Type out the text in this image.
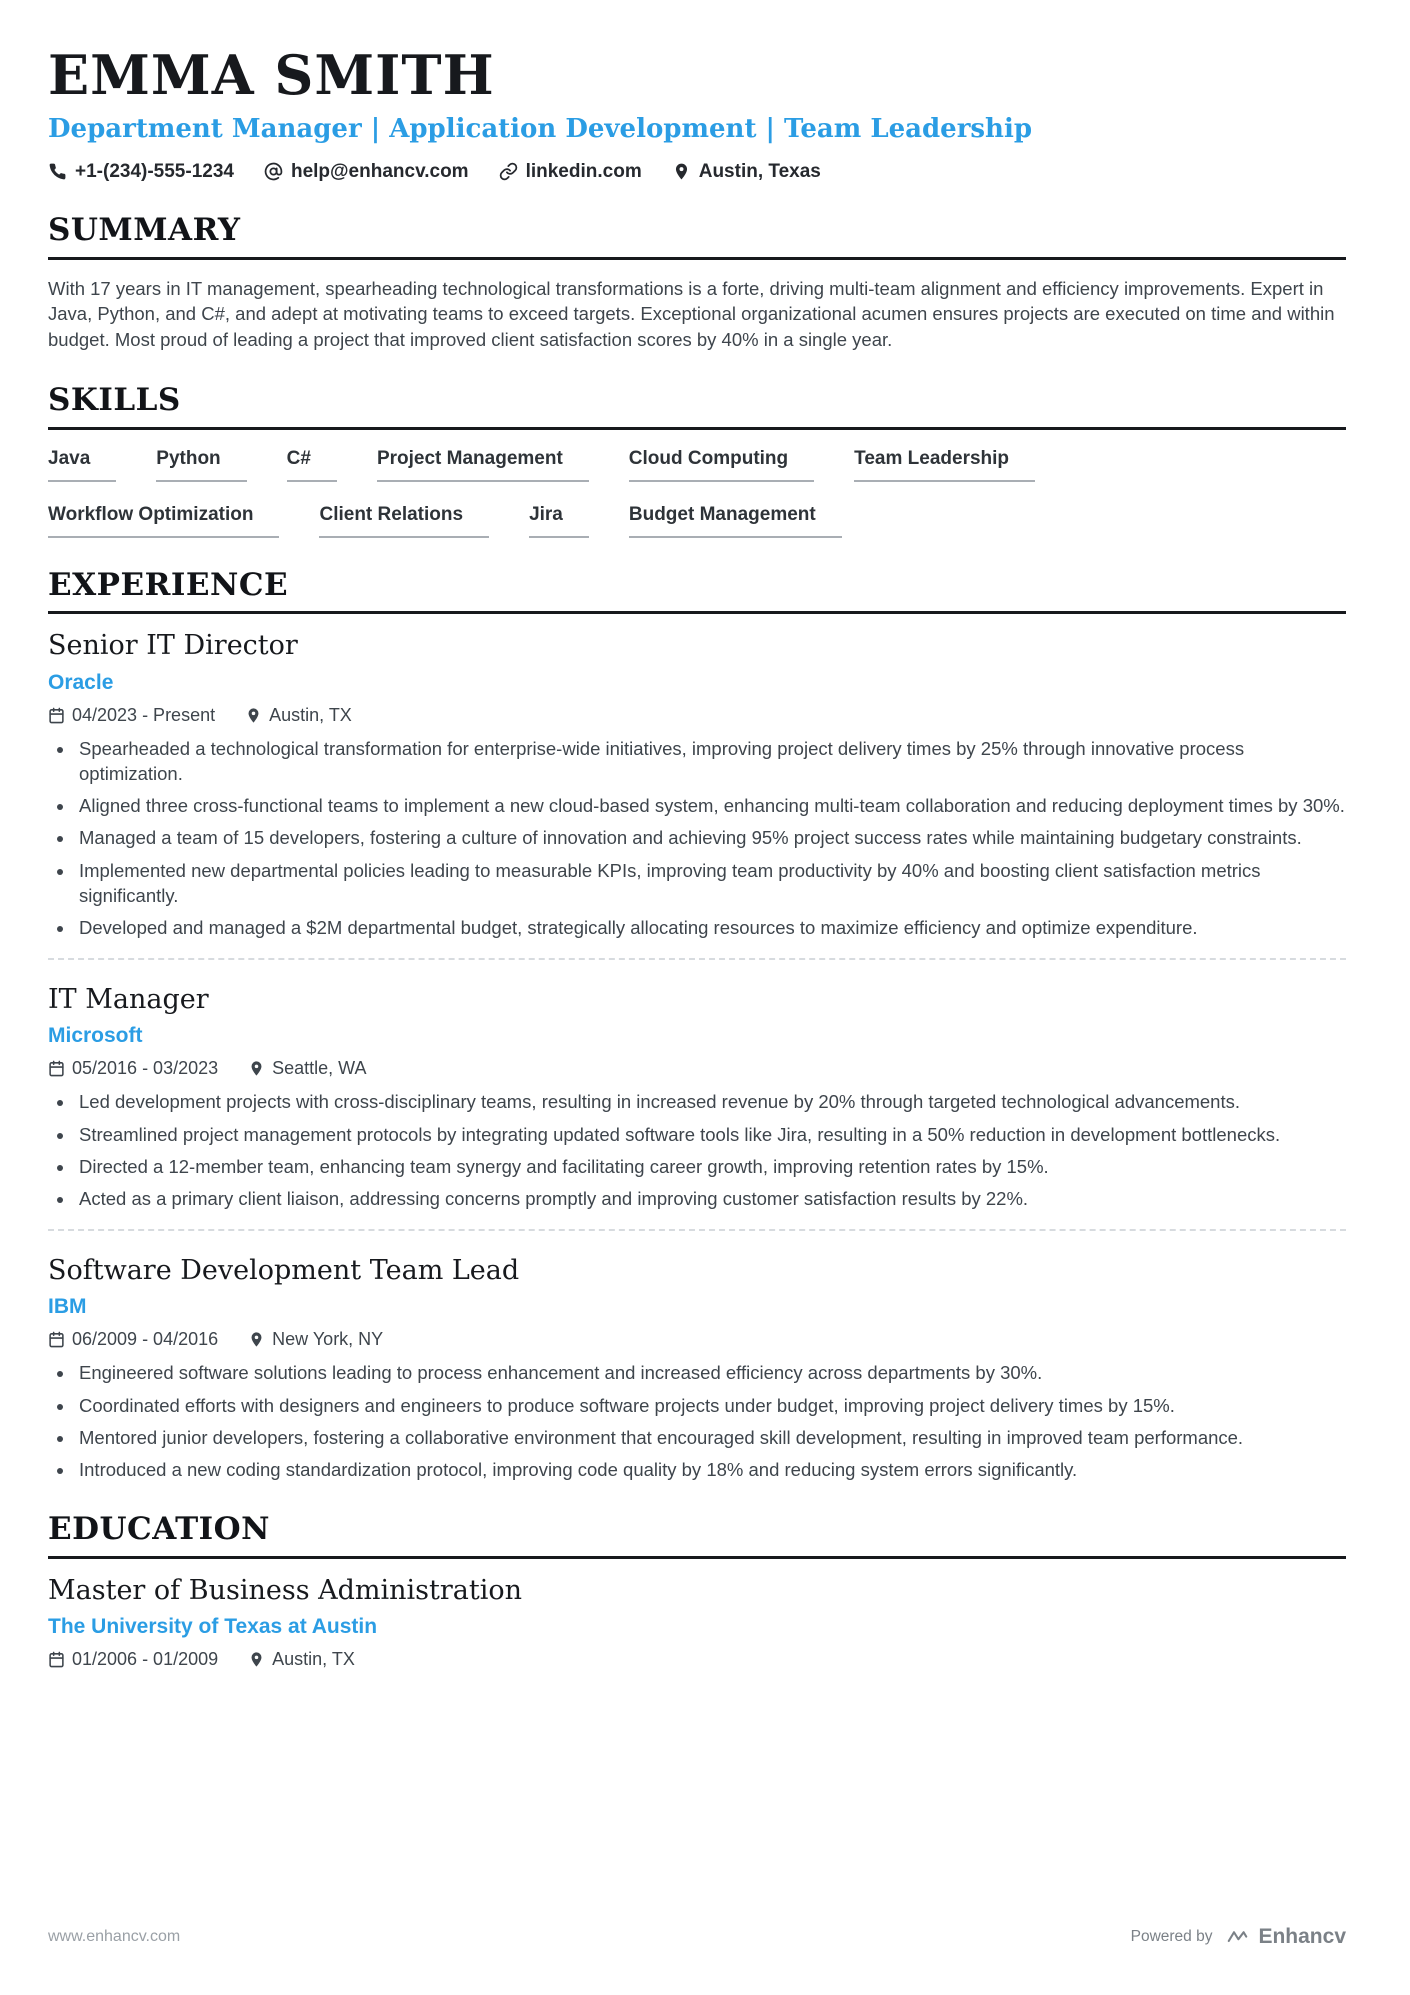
EMMA SMITH
Department Manager | Application Development | Team Leadership
+1-(234)-555-1234	help@enhancv.com	linkedin.com	Austin, Texas
SUMMARY

With 17 years in IT management, spearheading technological transformations is a forte, driving multi-team alignment and efficiency improvements. Expert in Java, Python, and C#, and adept at motivating teams to exceed targets. Exceptional organizational acumen ensures projects are executed on time and within budget. Most proud of leading a project that improved client satisfaction scores by 40% in a single year.

SKILLS
Java	Python	C#	Project Management	Cloud Computing	Team Leadership
Workflow Optimization	Client Relations	Jira	Budget Management
EXPERIENCE
Senior IT Director
Oracle
04/2023 - Present	Austin, TX
• Spearheaded a technological transformation for enterprise-wide initiatives, improving project delivery times by 25% through innovative process optimization.
• Aligned three cross-functional teams to implement a new cloud-based system, enhancing multi-team collaboration and reducing deployment times by 30%.
• Managed a team of 15 developers, fostering a culture of innovation and achieving 95% project success rates while maintaining budgetary constraints.
• Implemented new departmental policies leading to measurable KPIs, improving team productivity by 40% and boosting client satisfaction metrics significantly.
• Developed and managed a $2M departmental budget, strategically allocating resources to maximize efficiency and optimize expenditure.
IT Manager
Microsoft
05/2016 - 03/2023	Seattle, WA
• Led development projects with cross-disciplinary teams, resulting in increased revenue by 20% through targeted technological advancements.
• Streamlined project management protocols by integrating updated software tools like Jira, resulting in a 50% reduction in development bottlenecks.
• Directed a 12-member team, enhancing team synergy and facilitating career growth, improving retention rates by 15%.
• Acted as a primary client liaison, addressing concerns promptly and improving customer satisfaction results by 22%.
Software Development Team Lead
IBM
06/2009 - 04/2016	New York, NY
• Engineered software solutions leading to process enhancement and increased efficiency across departments by 30%.
• Coordinated efforts with designers and engineers to produce software projects under budget, improving project delivery times by 15%.
• Mentored junior developers, fostering a collaborative environment that encouraged skill development, resulting in improved team performance.
• Introduced a new coding standardization protocol, improving code quality by 18% and reducing system errors significantly.
EDUCATION
Master of Business Administration
The University of Texas at Austin
01/2006 - 01/2009	Austin, TX
www.enhancv.com	Powered by Enhancv
